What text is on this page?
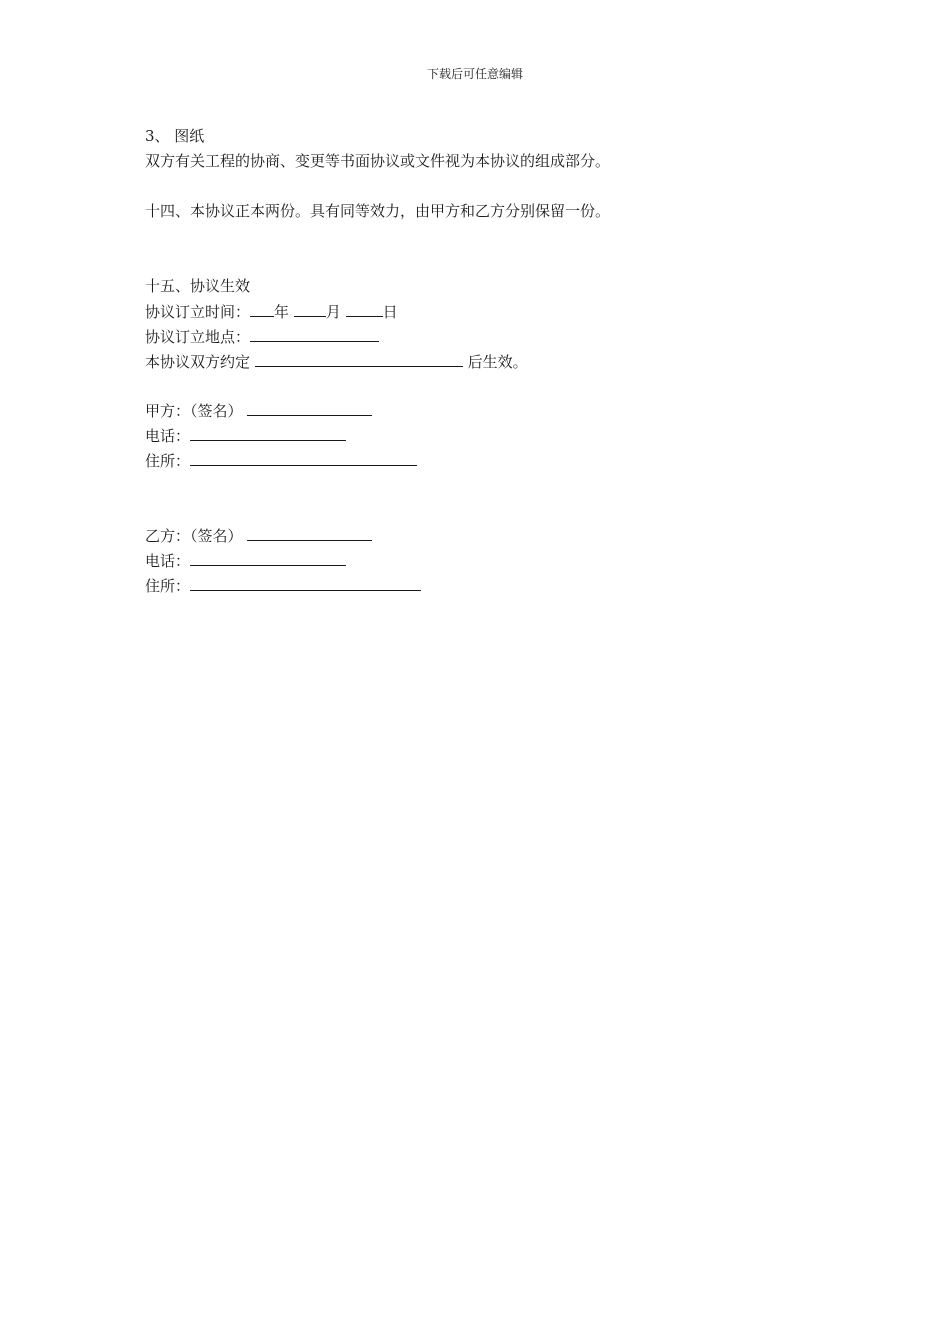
下载后可任意编辑
3、 图纸
双方有关工程的协商、变更等书面协议或文件视为本协议的组成部分。
十四、本协议正本两份。具有同等效力，由甲方和乙方分别保留一份。
十五、协议生效
协议订立时间： 年 月	日
协议订立地点：
本协议双方约定	后生效。
甲方：（签名）
电话：
住所：
乙方：（签名）
电话：
住所：
